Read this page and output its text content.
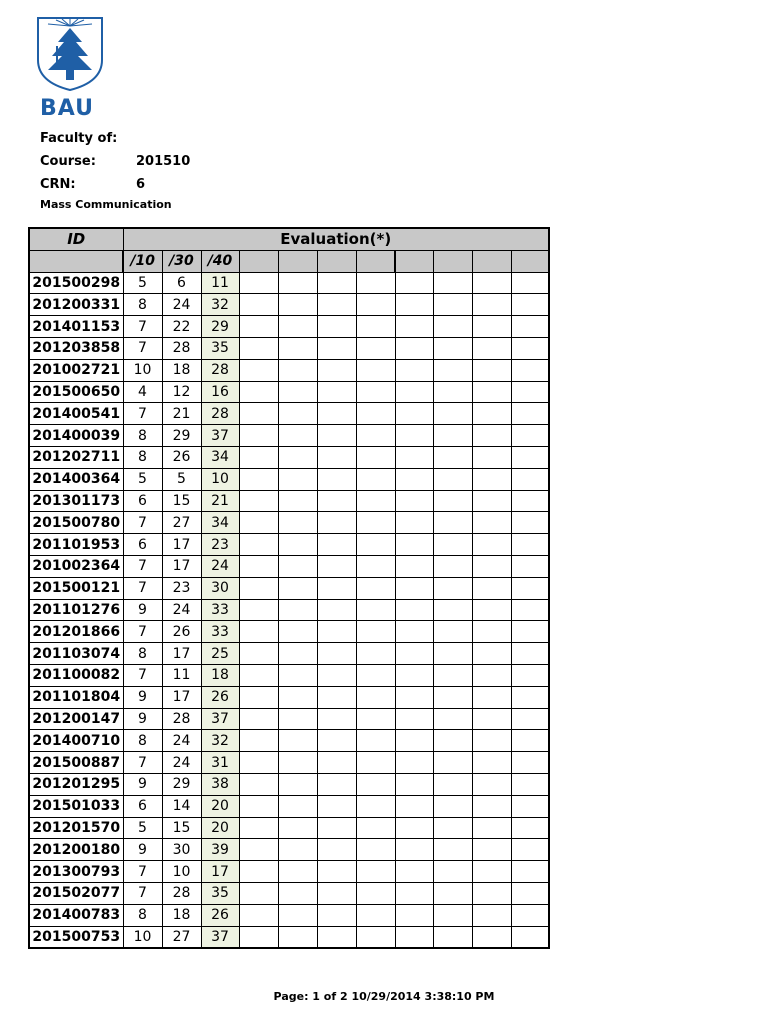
BAU
Faculty of:
Course:	201510
CRN:	6
Mass Communication
ID	Evaluation(*)										
	/10	/30	/40								
201500298	5	6	11								
201200331	8	24	32								
201401153	7	22	29								
201203858	7	28	35								
201002721	10	18	28								
201500650	4	12	16								
201400541	7	21	28								
201400039	8	29	37								
201202711	8	26	34								
201400364	5	5	10								
201301173	6	15	21								
201500780	7	27	34								
201101953	6	17	23								
201002364	7	17	24								
201500121	7	23	30								
201101276	9	24	33								
201201866	7	26	33								
201103074	8	17	25								
201100082	7	11	18								
201101804	9	17	26								
201200147	9	28	37								
201400710	8	24	32								
201500887	7	24	31								
201201295	9	29	38								
201501033	6	14	20								
201201570	5	15	20								
201200180	9	30	39								
201300793	7	10	17								
201502077	7	28	35								
201400783	8	18	26								
201500753	10	27	37								
Page: 1 of 2 10/29/2014 3:38:10 PM
